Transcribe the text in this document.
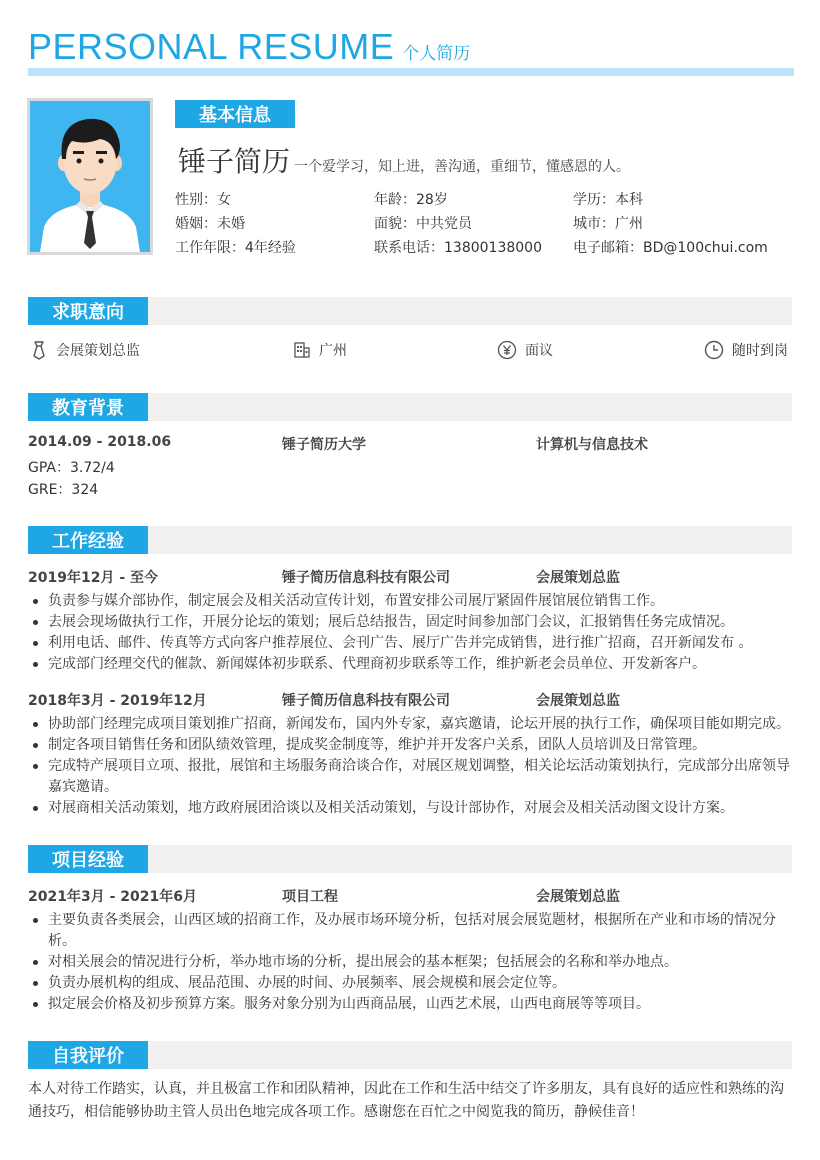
PERSONAL RESUME 个人简历
基本信息
锤子简历 一个爱学习，知上进，善沟通，重细节，懂感恩的人。
性别：女	年龄：28岁	学历：本科
婚姻：未婚	面貌：中共党员	城市：广州
工作年限：4年经验	联系电话：13800138000	电子邮箱：BD@100chui.com
求职意向
会展策划总监	广州	面议	随时到岗
教育背景
2014.09 - 2018.06	锤子简历大学	计算机与信息技术
GPA：3.72/4
GRE：324
工作经验
2019年12月 - 至今	锤子简历信息科技有限公司	会展策划总监
负责参与媒介部协作，制定展会及相关活动宣传计划，布置安排公司展厅紧固件展馆展位销售工作。
去展会现场做执行工作，开展分论坛的策划；展后总结报告，固定时间参加部门会议，汇报销售任务完成情况。
利用电话、邮件、传真等方式向客户推荐展位、会刊广告、展厅广告并完成销售，进行推广招商，召开新闻发布 。
完成部门经理交代的催款、新闻媒体初步联系、代理商初步联系等工作，维护新老会员单位、开发新客户。
2018年3月 - 2019年12月	锤子简历信息科技有限公司	会展策划总监
协助部门经理完成项目策划推广招商，新闻发布，国内外专家，嘉宾邀请，论坛开展的执行工作，确保项目能如期完成。
制定各项目销售任务和团队绩效管理，提成奖金制度等，维护并开发客户关系，团队人员培训及日常管理。
完成特产展项目立项、报批，展馆和主场服务商洽谈合作，对展区规划调整，相关论坛活动策划执行，完成部分出席领导嘉宾邀请。
对展商相关活动策划，地方政府展团洽谈以及相关活动策划，与设计部协作，对展会及相关活动图文设计方案。
项目经验
2021年3月 - 2021年6月	项目工程	会展策划总监
主要负责各类展会，山西区域的招商工作，及办展市场环境分析，包括对展会展览题材，根据所在产业和市场的情况分析。
对相关展会的情况进行分析，举办地市场的分析，提出展会的基本框架；包括展会的名称和举办地点。
负责办展机构的组成、展品范围、办展的时间、办展频率、展会规模和展会定位等。
拟定展会价格及初步预算方案。服务对象分别为山西商品展，山西艺术展，山西电商展等等项目。
自我评价
本人对待工作踏实，认真，并且极富工作和团队精神，因此在工作和生活中结交了许多朋友，具有良好的适应性和熟练的沟通技巧，相信能够协助主管人员出色地完成各项工作。感谢您在百忙之中阅览我的简历，静候佳音！
